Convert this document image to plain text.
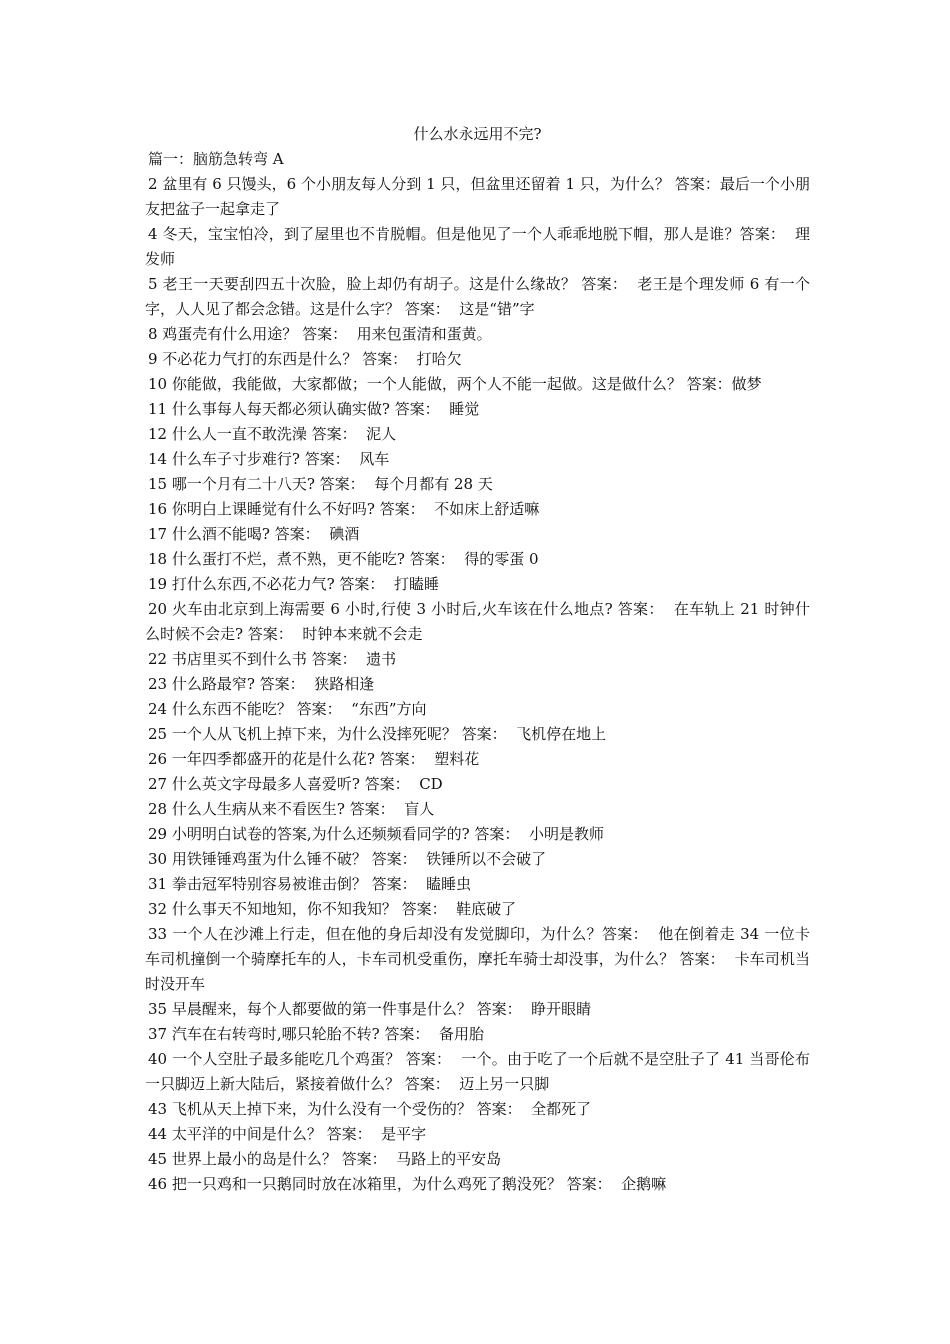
什么水永远用不完?

篇一：脑筋急转弯 A

2 盆里有 6 只馒头，6 个小朋友每人分到 1 只，但盆里还留着 1 只，为什么？ 答案：最后一个小朋友把盆子一起拿走了

4 冬天，宝宝怕冷，到了屋里也不肯脱帽。但是他见了一个人乖乖地脱下帽，那人是谁？答案：  理发师

5 老王一天要刮四五十次脸，脸上却仍有胡子。这是什么缘故？ 答案：  老王是个理发师 6 有一个字，人人见了都会念错。这是什么字？ 答案：  这是“错”字

8 鸡蛋壳有什么用途？ 答案：  用来包蛋清和蛋黄。

9 不必花力气打的东西是什么？ 答案：  打哈欠

10 你能做，我能做，大家都做；一个人能做，两个人不能一起做。这是做什么？ 答案：做梦

11 什么事每人每天都必须认确实做? 答案：  睡觉

12 什么人一直不敢洗澡 答案：  泥人

14 什么车子寸步难行? 答案：  风车

15 哪一个月有二十八天? 答案：  每个月都有 28 天

16 你明白上课睡觉有什么不好吗? 答案：  不如床上舒适嘛

17 什么酒不能喝? 答案：  碘酒

18 什么蛋打不烂，煮不熟，更不能吃? 答案：  得的零蛋 0

19 打什么东西,不必花力气? 答案：  打瞌睡

20 火车由北京到上海需要 6 小时,行使 3 小时后,火车该在什么地点? 答案：  在车轨上 21 时钟什么时候不会走? 答案：  时钟本来就不会走

22 书店里买不到什么书 答案：  遗书

23 什么路最窄? 答案：  狭路相逢

24 什么东西不能吃？ 答案：  “东西”方向

25 一个人从飞机上掉下来，为什么没摔死呢？ 答案：  飞机停在地上

26 一年四季都盛开的花是什么花? 答案：  塑料花

27 什么英文字母最多人喜爱听? 答案：  CD

28 什么人生病从来不看医生? 答案：  盲人

29 小明明白试卷的答案,为什么还频频看同学的? 答案：  小明是教师

30 用铁锤锤鸡蛋为什么锤不破？ 答案：  铁锤所以不会破了

31 拳击冠军特别容易被谁击倒？ 答案：  瞌睡虫

32 什么事天不知地知，你不知我知？ 答案：  鞋底破了

33 一个人在沙滩上行走，但在他的身后却没有发觉脚印，为什么？答案：  他在倒着走 34 一位卡车司机撞倒一个骑摩托车的人，卡车司机受重伤，摩托车骑士却没事，为什么？ 答案：  卡车司机当时没开车

35 早晨醒来，每个人都要做的第一件事是什么？ 答案：  睁开眼睛

37 汽车在右转弯时,哪只轮胎不转? 答案：  备用胎

40 一个人空肚子最多能吃几个鸡蛋？ 答案：  一个。由于吃了一个后就不是空肚子了 41 当哥伦布一只脚迈上新大陆后，紧接着做什么？ 答案：  迈上另一只脚

43 飞机从天上掉下来，为什么没有一个受伤的？ 答案：  全都死了

44 太平洋的中间是什么？ 答案：  是平字

45 世界上最小的岛是什么？ 答案：  马路上的平安岛

46 把一只鸡和一只鹅同时放在冰箱里，为什么鸡死了鹅没死？ 答案：  企鹅嘛
